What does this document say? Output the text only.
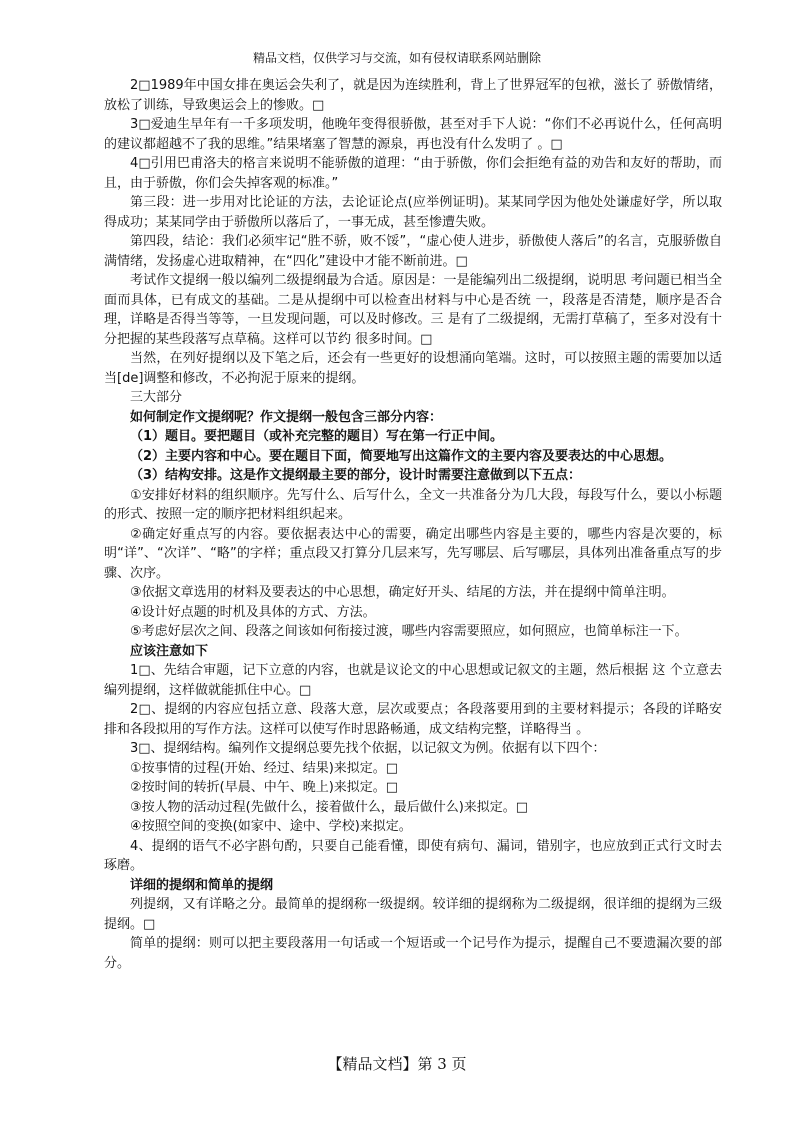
精品文档，仅供学习与交流，如有侵权请联系网站删除

2□1989年中国女排在奥运会失利了，就是因为连续胜利，背上了世界冠军的包袱，滋长了 骄傲情绪，放松了训练，导致奥运会上的惨败。□

3□爱迪生早年有一千多项发明，他晚年变得很骄傲，甚至对手下人说：“你们不必再说什么，任何高明的建议都超越不了我的思维。”结果堵塞了智慧的源泉，再也没有什么发明了 。□

4□引用巴甫洛夫的格言来说明不能骄傲的道理：“由于骄傲，你们会拒绝有益的劝告和友好的帮助，而且，由于骄傲，你们会失掉客观的标准。”

第三段：进一步用对比论证的方法，去论证论点(应举例证明)。某某同学因为他处处谦虚好学，所以取得成功；某某同学由于骄傲所以落后了，一事无成，甚至惨遭失败。

第四段，结论：我们必须牢记“胜不骄，败不馁”，“虚心使人进步，骄傲使人落后”的名言，克服骄傲自满情绪，发扬虚心进取精神，在“四化”建设中才能不断前进。□

考试作文提纲一般以编列二级提纲最为合适。原因是：一是能编列出二级提纲，说明思 考问题已相当全面而具体，已有成文的基础。二是从提纲中可以检查出材料与中心是否统 一，段落是否清楚，顺序是否合理，详略是否得当等等，一旦发现问题，可以及时修改。三 是有了二级提纲，无需打草稿了，至多对没有十分把握的某些段落写点草稿。这样可以节约 很多时间。□

当然，在列好提纲以及下笔之后，还会有一些更好的设想涌向笔端。这时，可以按照主题的需要加以适当[de]调整和修改，不必拘泥于原来的提纲。

三大部分

如何制定作文提纲呢？作文提纲一般包含三部分内容：

（1）题目。要把题目（或补充完整的题目）写在第一行正中间。

（2）主要内容和中心。要在题目下面，简要地写出这篇作文的主要内容及要表达的中心思想。

（3）结构安排。这是作文提纲最主要的部分，设计时需要注意做到以下五点：

①安排好材料的组织顺序。先写什么、后写什么，全文一共准备分为几大段，每段写什么，要以小标题的形式、按照一定的顺序把材料组织起来。

②确定好重点写的内容。要依据表达中心的需要，确定出哪些内容是主要的，哪些内容是次要的，标明“详”、“次详”、“略”的字样；重点段又打算分几层来写，先写哪层、后写哪层，具体列出准备重点写的步骤、次序。

③依据文章选用的材料及要表达的中心思想，确定好开头、结尾的方法，并在提纲中简单注明。

④设计好点题的时机及具体的方式、方法。

⑤考虑好层次之间、段落之间该如何衔接过渡，哪些内容需要照应，如何照应，也简单标注一下。

应该注意如下

1□、先结合审题，记下立意的内容，也就是议论文的中心思想或记叙文的主题，然后根据 这 个立意去编列提纲，这样做就能抓住中心。□

2□、提纲的内容应包括立意、段落大意，层次或要点；各段落要用到的主要材料提示；各段的详略安排和各段拟用的写作方法。这样可以使写作时思路畅通，成文结构完整，详略得当 。

3□、提纲结构。编列作文提纲总要先找个依据，以记叙文为例。依据有以下四个：

①按事情的过程(开始、经过、结果)来拟定。□

②按时间的转折(早晨、中午、晚上)来拟定。□

③按人物的活动过程(先做什么，接着做什么，最后做什么)来拟定。□

④按照空间的变换(如家中、途中、学校)来拟定。

4、提纲的语气不必字斟句酌，只要自己能看懂，即使有病句、漏词，错别字，也应放到正式行文时去琢磨。

详细的提纲和简单的提纲

列提纲，又有详略之分。最简单的提纲称一级提纲。较详细的提纲称为二级提纲，很详细的提纲为三级提纲。□

简单的提纲：则可以把主要段落用一句话或一个短语或一个记号作为提示，提醒自己不要遗漏次要的部分。

【精品文档】第 3 页
